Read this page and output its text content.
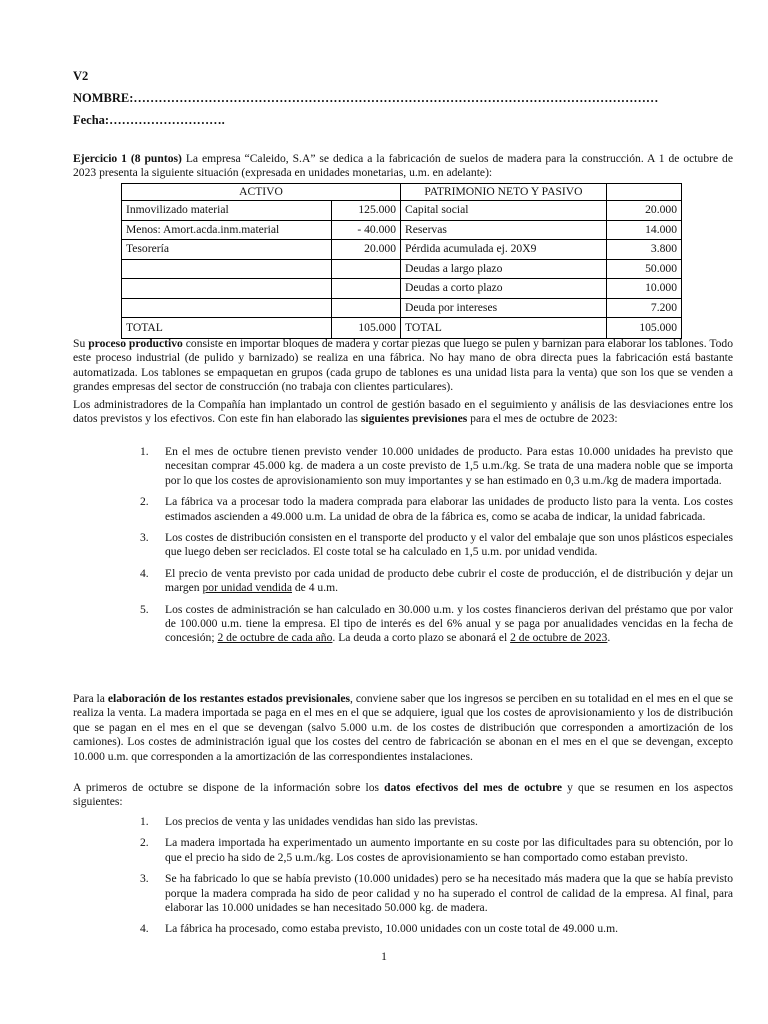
V2
NOMBRE:………………………………………………………………………………………………………………
Fecha:……………………….
Ejercicio 1 (8 puntos) La empresa “Caleido, S.A” se dedica a la fabricación de suelos de madera para la construcción. A 1 de octubre de 2023 presenta la siguiente situación (expresada en unidades monetarias, u.m. en adelante):
ACTIVO		PATRIMONIO NETO Y PASIVO	
Inmovilizado material	125.000	Capital social	20.000
Menos: Amort.acda.inm.material	- 40.000	Reservas	14.000
Tesorería	20.000	Pérdida acumulada ej. 20X9	3.800
		Deudas a largo plazo	50.000
		Deudas a corto plazo	10.000
		Deuda por intereses	7.200
TOTAL	105.000	TOTAL	105.000
Su proceso productivo consiste en importar bloques de madera y cortar piezas que luego se pulen y barnizan para elaborar los tablones. Todo este proceso industrial (de pulido y barnizado) se realiza en una fábrica. No hay mano de obra directa pues la fabricación está bastante automatizada. Los tablones se empaquetan en grupos (cada grupo de tablones es una unidad lista para la venta) que son los que se venden a grandes empresas del sector de construcción (no trabaja con clientes particulares).
Los administradores de la Compañía han implantado un control de gestión basado en el seguimiento y análisis de las desviaciones entre los datos previstos y los efectivos. Con este fin han elaborado las siguientes previsiones para el mes de octubre de 2023:
1. En el mes de octubre tienen previsto vender 10.000 unidades de producto. Para estas 10.000 unidades ha previsto que necesitan comprar 45.000 kg. de madera a un coste previsto de 1,5 u.m./kg. Se trata de una madera noble que se importa por lo que los costes de aprovisionamiento son muy importantes y se han estimado en 0,3 u.m./kg de madera importada.
2. La fábrica va a procesar todo la madera comprada para elaborar las unidades de producto listo para la venta. Los costes estimados ascienden a 49.000 u.m. La unidad de obra de la fábrica es, como se acaba de indicar, la unidad fabricada.
3. Los costes de distribución consisten en el transporte del producto y el valor del embalaje que son unos plásticos especiales que luego deben ser reciclados. El coste total se ha calculado en 1,5 u.m. por unidad vendida.
4. El precio de venta previsto por cada unidad de producto debe cubrir el coste de producción, el de distribución y dejar un margen por unidad vendida de 4 u.m.
5. Los costes de administración se han calculado en 30.000 u.m. y los costes financieros derivan del préstamo que por valor de 100.000 u.m. tiene la empresa. El tipo de interés es del 6% anual y se paga por anualidades vencidas en la fecha de concesión; 2 de octubre de cada año. La deuda a corto plazo se abonará el 2 de octubre de 2023.
Para la elaboración de los restantes estados previsionales, conviene saber que los ingresos se perciben en su totalidad en el mes en el que se realiza la venta. La madera importada se paga en el mes en el que se adquiere, igual que los costes de aprovisionamiento y los de distribución que se pagan en el mes en el que se devengan (salvo 5.000 u.m. de los costes de distribución que corresponden a amortización de los camiones). Los costes de administración igual que los costes del centro de fabricación se abonan en el mes en el que se devengan, excepto 10.000 u.m. que corresponden a la amortización de las correspondientes instalaciones.
A primeros de octubre se dispone de la información sobre los datos efectivos del mes de octubre y que se resumen en los aspectos siguientes:
1. Los precios de venta y las unidades vendidas han sido las previstas.
2. La madera importada ha experimentado un aumento importante en su coste por las dificultades para su obtención, por lo que el precio ha sido de 2,5 u.m./kg. Los costes de aprovisionamiento se han comportado como estaban previsto.
3. Se ha fabricado lo que se había previsto (10.000 unidades) pero se ha necesitado más madera que la que se había previsto porque la madera comprada ha sido de peor calidad y no ha superado el control de calidad de la empresa. Al final, para elaborar las 10.000 unidades se han necesitado 50.000 kg. de madera.
4. La fábrica ha procesado, como estaba previsto, 10.000 unidades con un coste total de 49.000 u.m.
1
